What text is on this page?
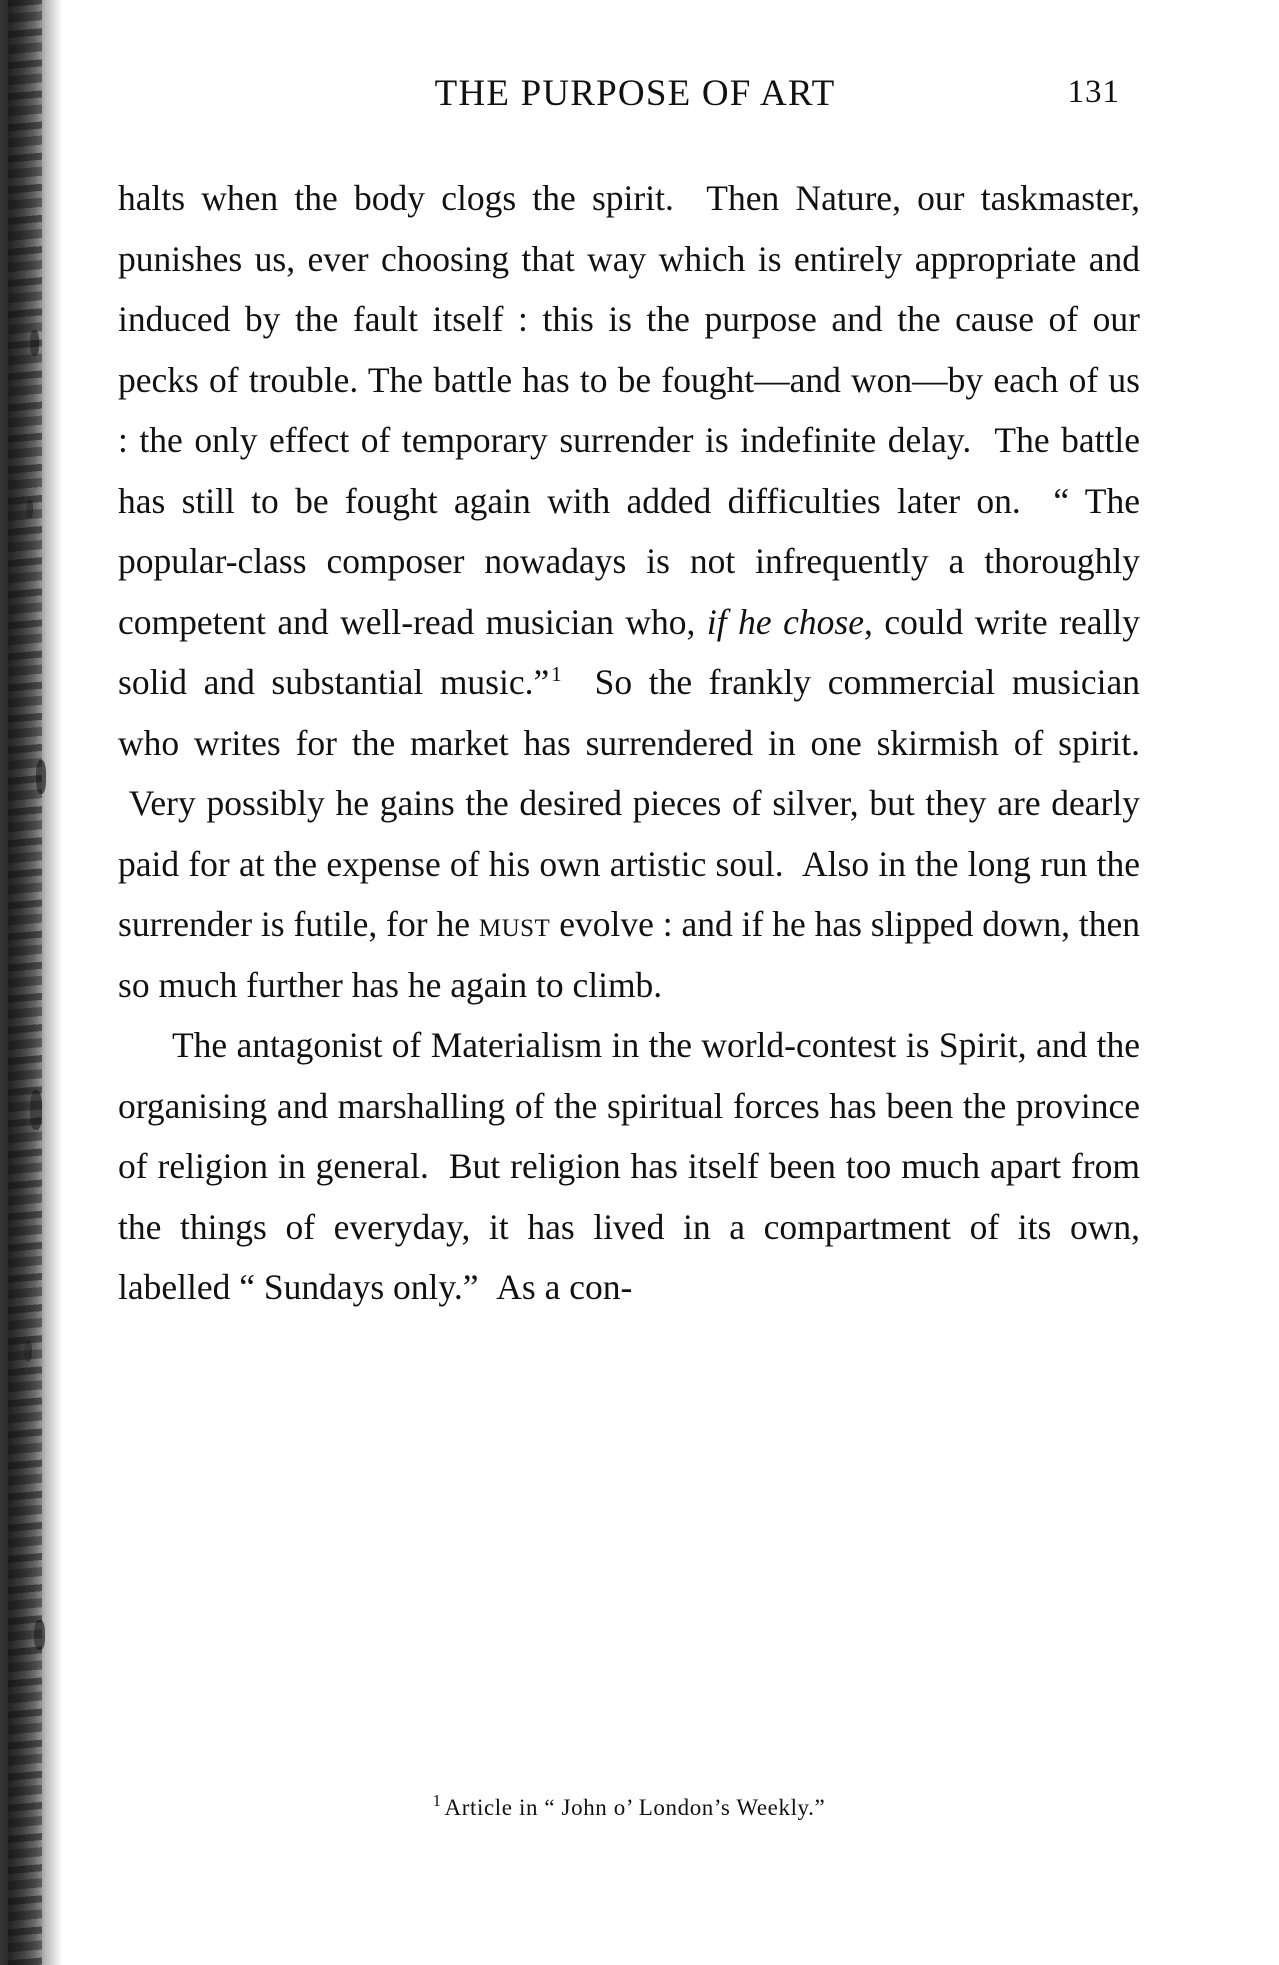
THE PURPOSE OF ART	131

halts when the body clogs the spirit.  Then Nature, our taskmaster, punishes us, ever choosing that way which is entirely appropriate and induced by the fault itself : this is the purpose and the cause of our pecks of trouble. The battle has to be fought—and won—by each of us : the only effect of temporary surrender is indefinite delay.  The battle has still to be fought again with added difficulties later on.  “ The popular-class composer nowadays is not infrequently a thoroughly competent and well-read musician who, if he chose, could write really solid and substantial music.”$^1$  So the frankly commercial musician who writes for the market has surrendered in one skirmish of spirit.  Very possibly he gains the desired pieces of silver, but they are dearly paid for at the expense of his own artistic soul.  Also in the long run the surrender is futile, for he must evolve : and if he has slipped down, then so much further has he again to climb.

The antagonist of Materialism in the world-contest is Spirit, and the organising and marshalling of the spiritual forces has been the province of religion in general.  But religion has itself been too much apart from the things of everyday, it has lived in a compartment of its own, labelled “ Sundays only.”  As a con-

$^1$ Article in “ John o’ London’s Weekly.”
